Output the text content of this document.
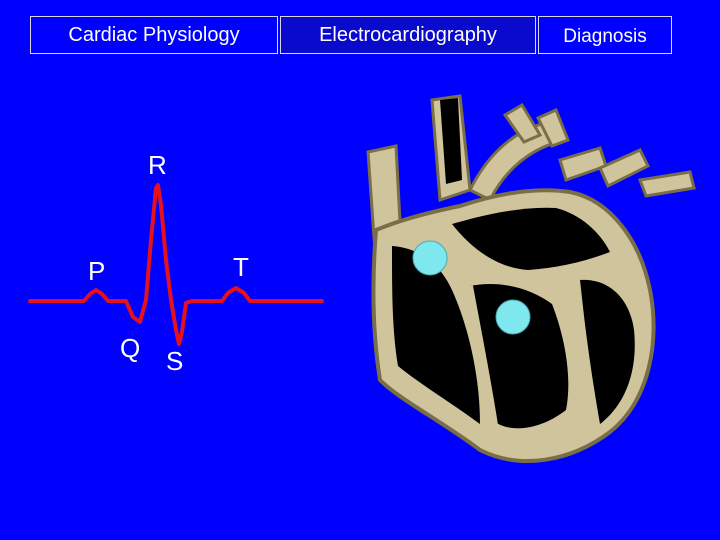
Cardiac Physiology	Electrocardiography	Diagnosis
R
P	T
Q S
